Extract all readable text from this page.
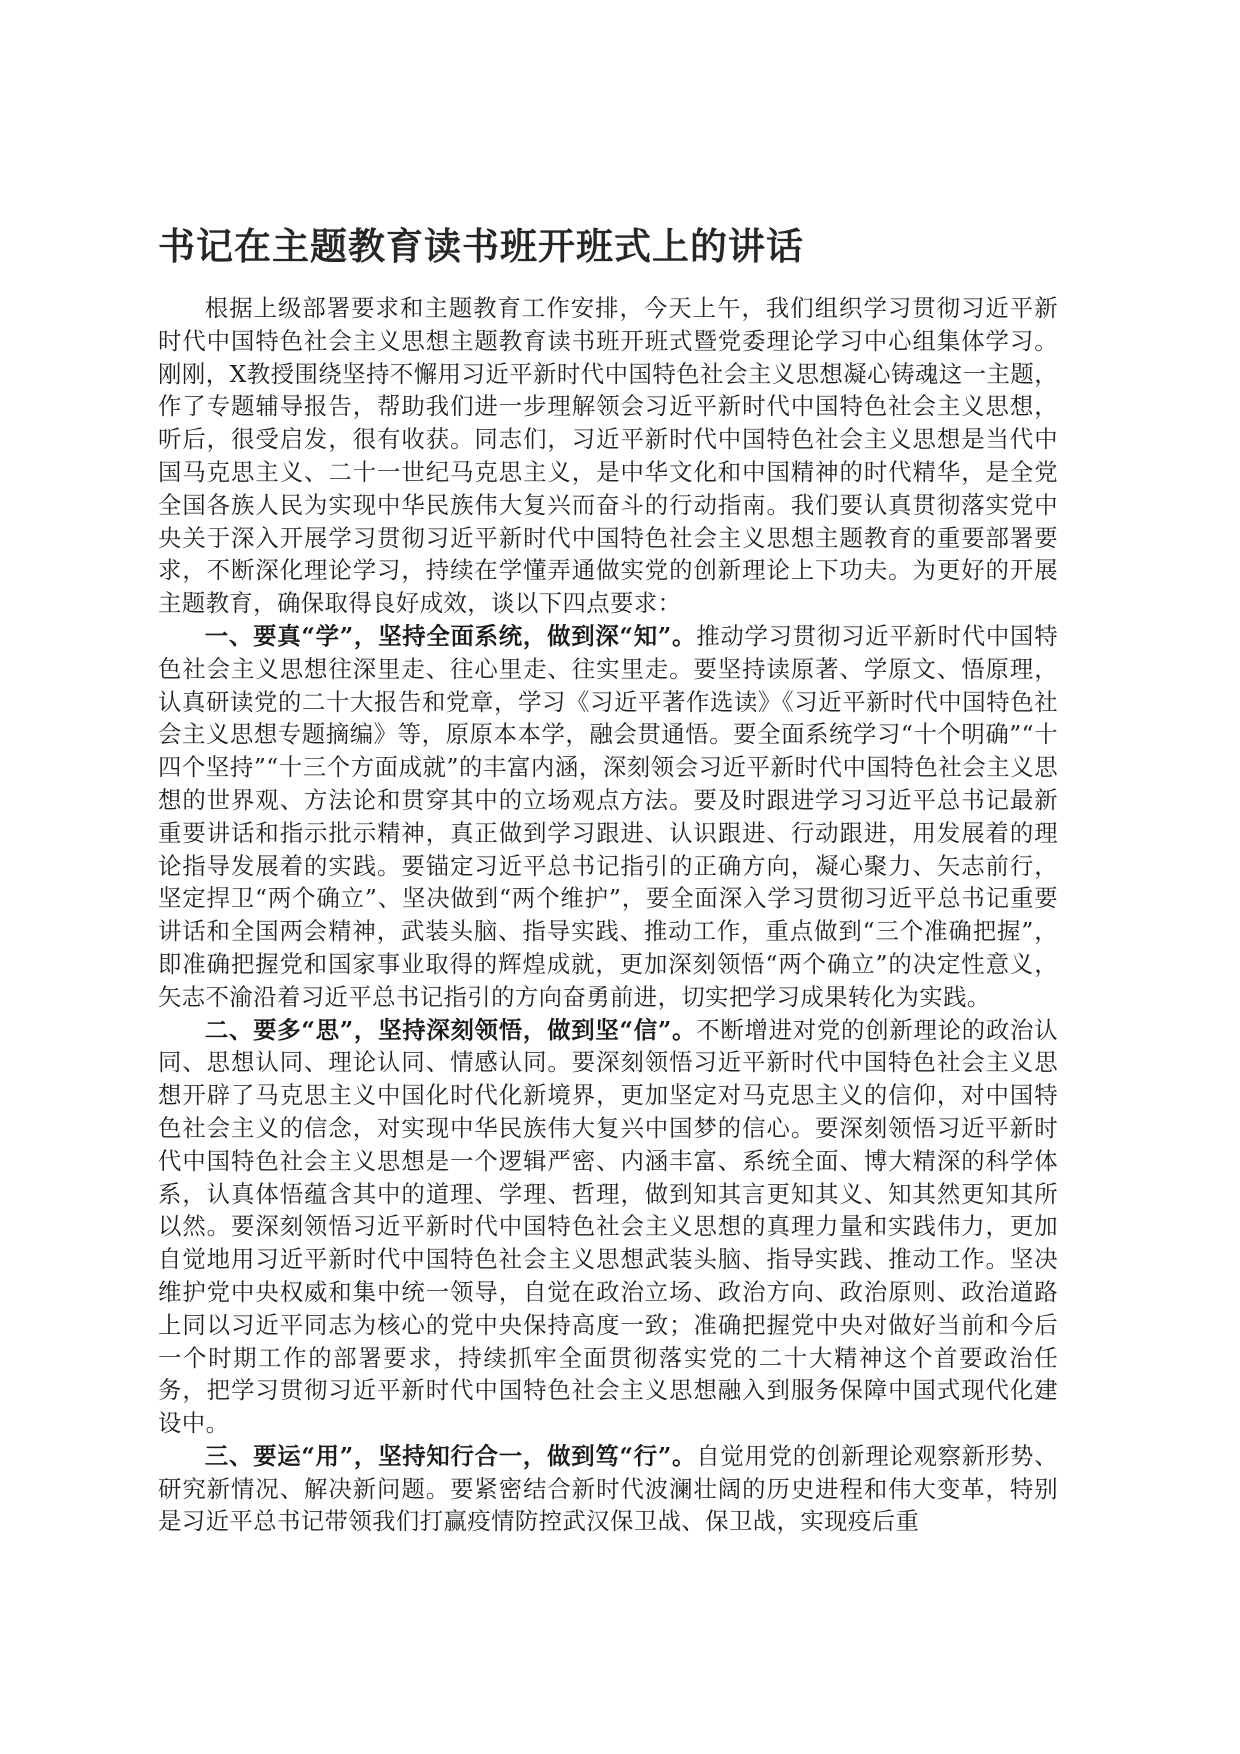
书记在主题教育读书班开班式上的讲话

根据上级部署要求和主题教育工作安排，今天上午，我们组织学习贯彻习近平新时代中国特色社会主义思想主题教育读书班开班式暨党委理论学习中心组集体学习。刚刚，X教授围绕坚持不懈用习近平新时代中国特色社会主义思想凝心铸魂这一主题，作了专题辅导报告，帮助我们进一步理解领会习近平新时代中国特色社会主义思想，听后，很受启发，很有收获。同志们，习近平新时代中国特色社会主义思想是当代中国马克思主义、二十一世纪马克思主义，是中华文化和中国精神的时代精华，是全党全国各族人民为实现中华民族伟大复兴而奋斗的行动指南。我们要认真贯彻落实党中央关于深入开展学习贯彻习近平新时代中国特色社会主义思想主题教育的重要部署要求，不断深化理论学习，持续在学懂弄通做实党的创新理论上下功夫。为更好的开展主题教育，确保取得良好成效，谈以下四点要求：

一、要真“学”，坚持全面系统，做到深“知”。推动学习贯彻习近平新时代中国特色社会主义思想往深里走、往心里走、往实里走。要坚持读原著、学原文、悟原理，认真研读党的二十大报告和党章，学习《习近平著作选读》《习近平新时代中国特色社会主义思想专题摘编》等，原原本本学，融会贯通悟。要全面系统学习“十个明确”“十四个坚持”“十三个方面成就”的丰富内涵，深刻领会习近平新时代中国特色社会主义思想的世界观、方法论和贯穿其中的立场观点方法。要及时跟进学习习近平总书记最新重要讲话和指示批示精神，真正做到学习跟进、认识跟进、行动跟进，用发展着的理论指导发展着的实践。要锚定习近平总书记指引的正确方向，凝心聚力、矢志前行，坚定捍卫“两个确立”、坚决做到“两个维护”，要全面深入学习贯彻习近平总书记重要讲话和全国两会精神，武装头脑、指导实践、推动工作，重点做到“三个准确把握”，即准确把握党和国家事业取得的辉煌成就，更加深刻领悟“两个确立”的决定性意义，矢志不渝沿着习近平总书记指引的方向奋勇前进，切实把学习成果转化为实践。

二、要多“思”，坚持深刻领悟，做到坚“信”。不断增进对党的创新理论的政治认同、思想认同、理论认同、情感认同。要深刻领悟习近平新时代中国特色社会主义思想开辟了马克思主义中国化时代化新境界，更加坚定对马克思主义的信仰，对中国特色社会主义的信念，对实现中华民族伟大复兴中国梦的信心。要深刻领悟习近平新时代中国特色社会主义思想是一个逻辑严密、内涵丰富、系统全面、博大精深的科学体系，认真体悟蕴含其中的道理、学理、哲理，做到知其言更知其义、知其然更知其所以然。要深刻领悟习近平新时代中国特色社会主义思想的真理力量和实践伟力，更加自觉地用习近平新时代中国特色社会主义思想武装头脑、指导实践、推动工作。坚决维护党中央权威和集中统一领导，自觉在政治立场、政治方向、政治原则、政治道路上同以习近平同志为核心的党中央保持高度一致；准确把握党中央对做好当前和今后一个时期工作的部署要求，持续抓牢全面贯彻落实党的二十大精神这个首要政治任务，把学习贯彻习近平新时代中国特色社会主义思想融入到服务保障中国式现代化建设中。

三、要运“用”，坚持知行合一，做到笃“行”。自觉用党的创新理论观察新形势、研究新情况、解决新问题。要紧密结合新时代波澜壮阔的历史进程和伟大变革，特别是习近平总书记带领我们打赢疫情防控武汉保卫战、保卫战，实现疫后重
